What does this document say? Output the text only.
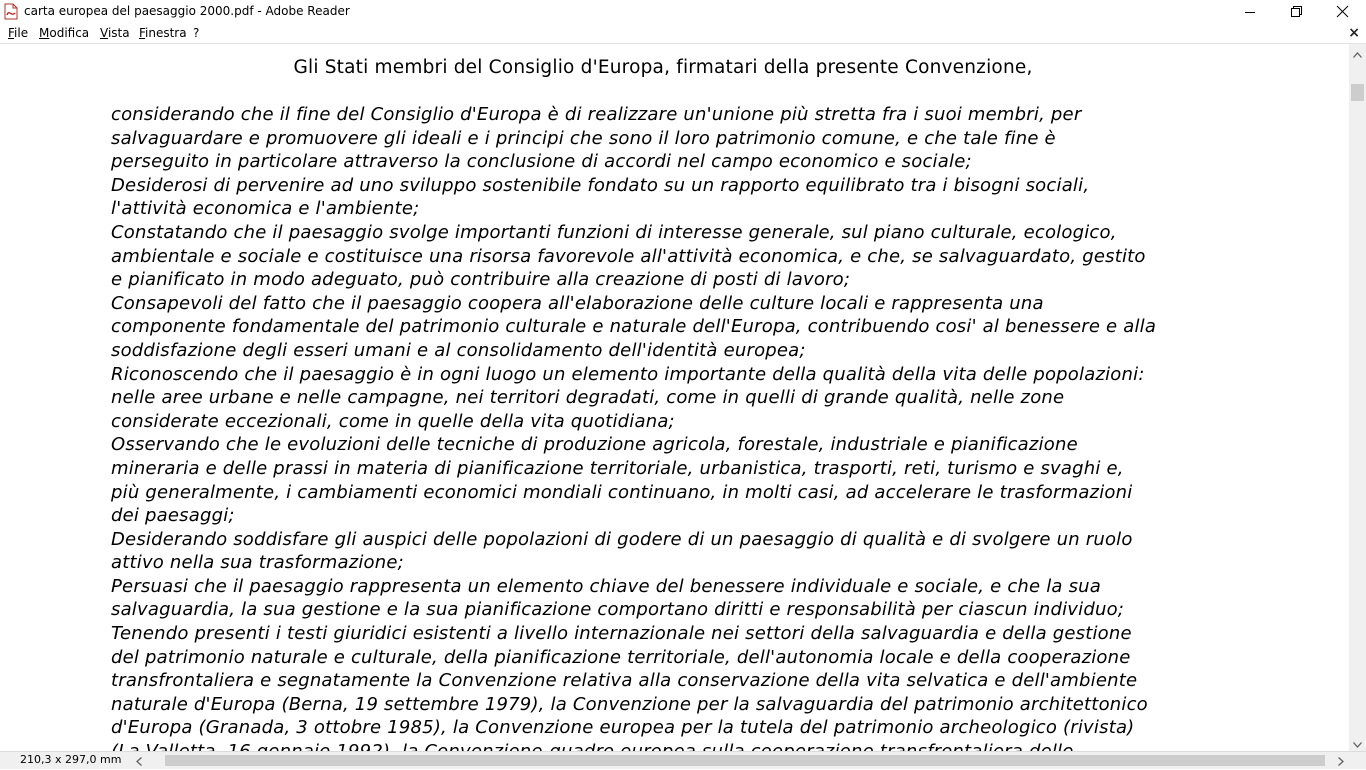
carta europea del paesaggio 2000.pdf - Adobe Reader
File Modifica Vista Finestra ?	×
Gli Stati membri del Consiglio d'Europa, firmatari della presente Convenzione,
considerando che il fine del Consiglio d'Europa è di realizzare un'unione più stretta fra i suoi membri, per
salvaguardare e promuovere gli ideali e i principi che sono il loro patrimonio comune, e che tale fine è
perseguito in particolare attraverso la conclusione di accordi nel campo economico e sociale;
Desiderosi di pervenire ad uno sviluppo sostenibile fondato su un rapporto equilibrato tra i bisogni sociali,
l'attività economica e l'ambiente;
Constatando che il paesaggio svolge importanti funzioni di interesse generale, sul piano culturale, ecologico,
ambientale e sociale e costituisce una risorsa favorevole all'attività economica, e che, se salvaguardato, gestito
e pianificato in modo adeguato, può contribuire alla creazione di posti di lavoro;
Consapevoli del fatto che il paesaggio coopera all'elaborazione delle culture locali e rappresenta una
componente fondamentale del patrimonio culturale e naturale dell'Europa, contribuendo cosi' al benessere e alla
soddisfazione degli esseri umani e al consolidamento dell'identità europea;
Riconoscendo che il paesaggio è in ogni luogo un elemento importante della qualità della vita delle popolazioni:
nelle aree urbane e nelle campagne, nei territori degradati, come in quelli di grande qualità, nelle zone
considerate eccezionali, come in quelle della vita quotidiana;
Osservando che le evoluzioni delle tecniche di produzione agricola, forestale, industriale e pianificazione
mineraria e delle prassi in materia di pianificazione territoriale, urbanistica, trasporti, reti, turismo e svaghi e,
più generalmente, i cambiamenti economici mondiali continuano, in molti casi, ad accelerare le trasformazioni
dei paesaggi;
Desiderando soddisfare gli auspici delle popolazioni di godere di un paesaggio di qualità e di svolgere un ruolo
attivo nella sua trasformazione;
Persuasi che il paesaggio rappresenta un elemento chiave del benessere individuale e sociale, e che la sua
salvaguardia, la sua gestione e la sua pianificazione comportano diritti e responsabilità per ciascun individuo;
Tenendo presenti i testi giuridici esistenti a livello internazionale nei settori della salvaguardia e della gestione
del patrimonio naturale e culturale, della pianificazione territoriale, dell'autonomia locale e della cooperazione
transfrontaliera e segnatamente la Convenzione relativa alla conservazione della vita selvatica e dell'ambiente
naturale d'Europa (Berna, 19 settembre 1979), la Convenzione per la salvaguardia del patrimonio architettonico
d'Europa (Granada, 3 ottobre 1985), la Convenzione europea per la tutela del patrimonio archeologico (rivista)
210,3 x 297,0 mm
